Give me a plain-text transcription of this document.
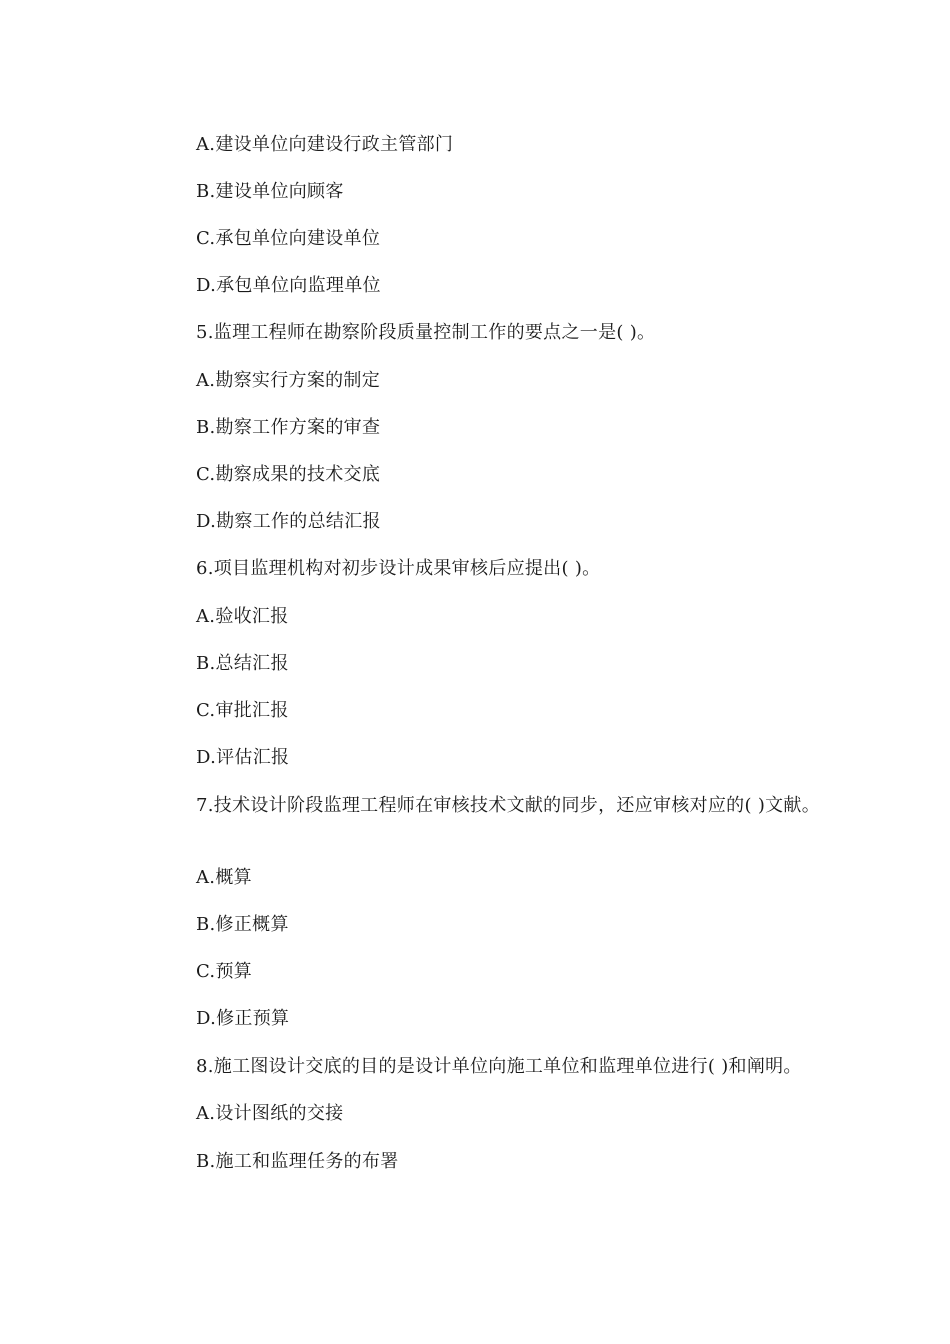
A.建设单位向建设行政主管部门
B.建设单位向顾客
C.承包单位向建设单位
D.承包单位向监理单位
5.监理工程师在勘察阶段质量控制工作的要点之一是( )。
A.勘察实行方案的制定
B.勘察工作方案的审查
C.勘察成果的技术交底
D.勘察工作的总结汇报
6.项目监理机构对初步设计成果审核后应提出( )。
A.验收汇报
B.总结汇报
C.审批汇报
D.评估汇报
7.技术设计阶段监理工程师在审核技术文献的同步，还应审核对应的( )文献。
A.概算
B.修正概算
C.预算
D.修正预算
8.施工图设计交底的目的是设计单位向施工单位和监理单位进行( )和阐明。
A.设计图纸的交接
B.施工和监理任务的布署
